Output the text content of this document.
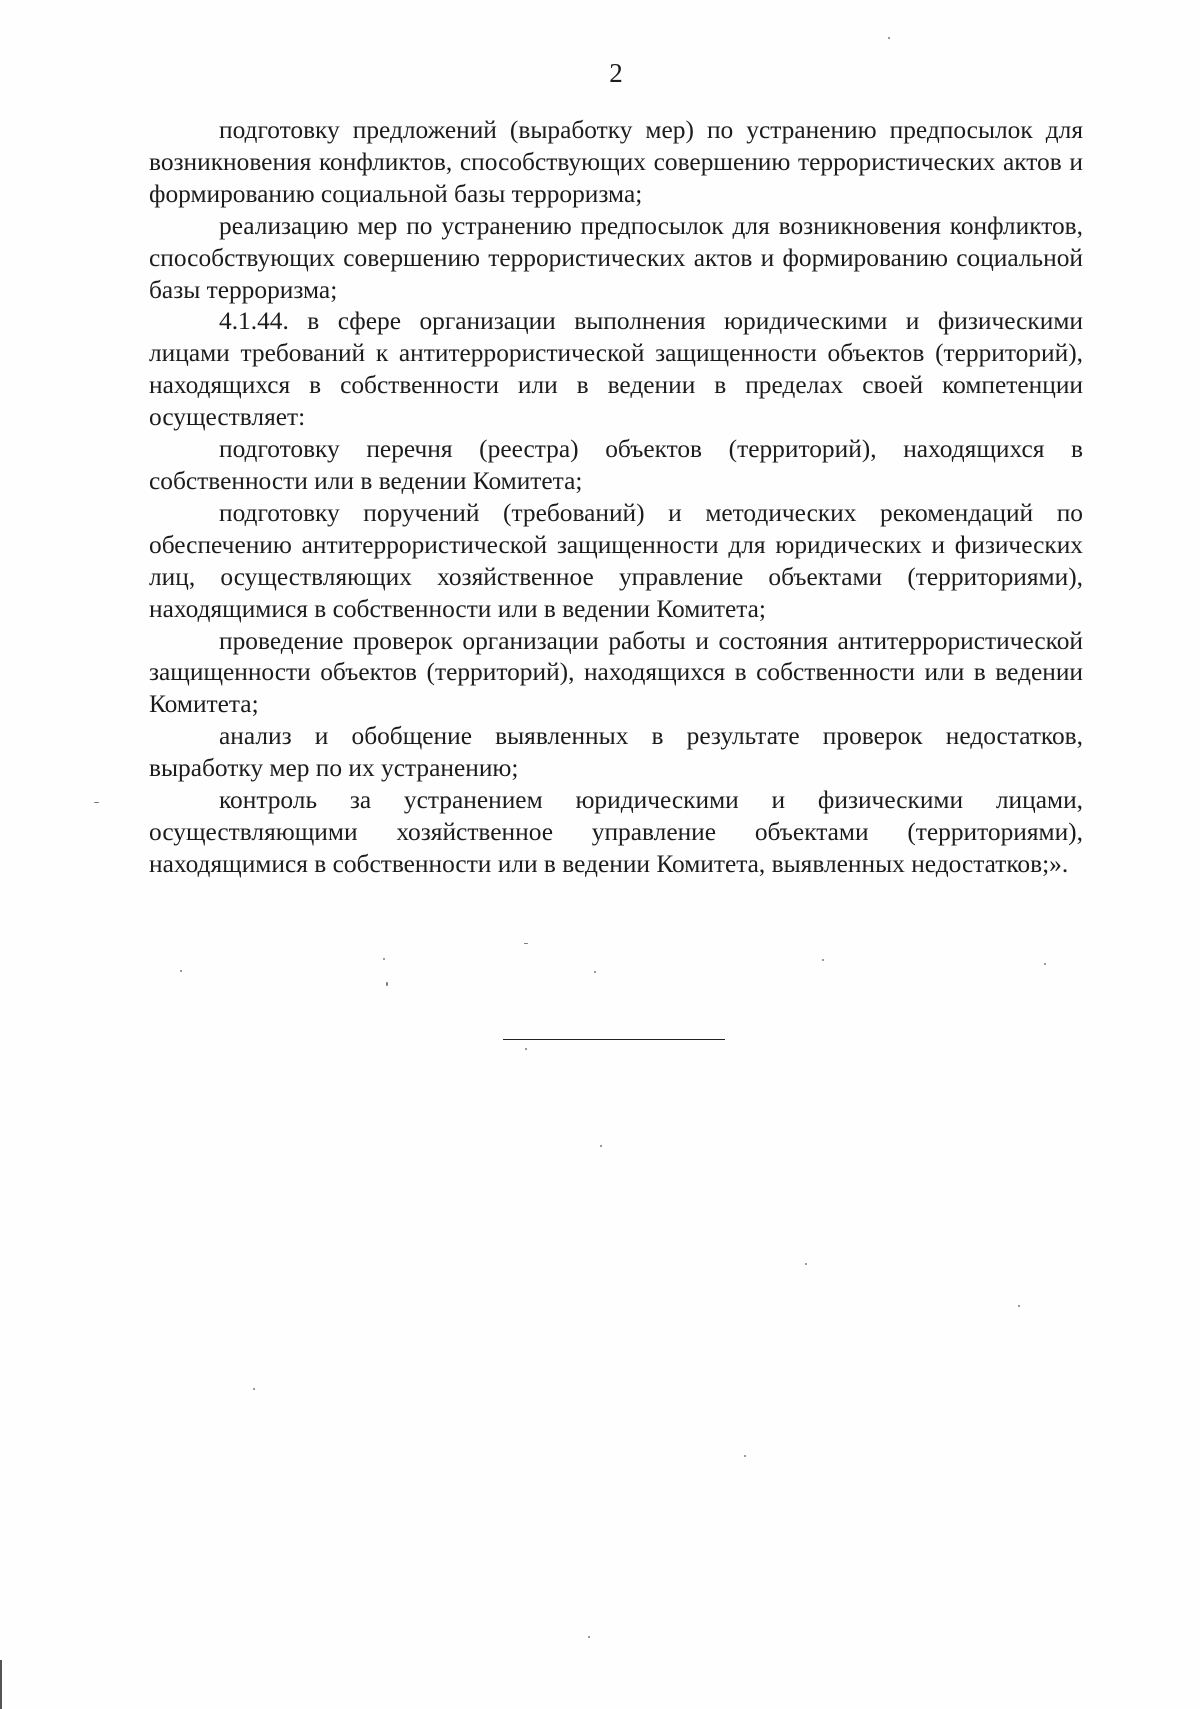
2

подготовку предложений (выработку мер) по устранению предпосылок для возникновения конфликтов, способствующих совершению террористических актов и формированию социальной базы терроризма;

реализацию мер по устранению предпосылок для возникновения конфликтов, способствующих совершению террористических актов и формированию социальной базы терроризма;

4.1.44. в сфере организации выполнения юридическими и физическими лицами требований к антитеррористической защищенности объектов (территорий), находящихся в собственности или в ведении в пределах своей компетенции осуществляет:

подготовку перечня (реестра) объектов (территорий), находящихся в собственности или в ведении Комитета;

подготовку поручений (требований) и методических рекомендаций по обеспечению антитеррористической защищенности для юридических и физических лиц, осуществляющих хозяйственное управление объектами (территориями), находящимися в собственности или в ведении Комитета;

проведение проверок организации работы и состояния антитеррористической защищенности объектов (территорий), находящихся в собственности или в ведении Комитета;

анализ и обобщение выявленных в результате проверок недостатков, выработку мер по их устранению;

контроль за устранением юридическими и физическими лицами, осуществляющими хозяйственное управление объектами (территориями), находящимися в собственности или в ведении Комитета, выявленных недостатков;».
